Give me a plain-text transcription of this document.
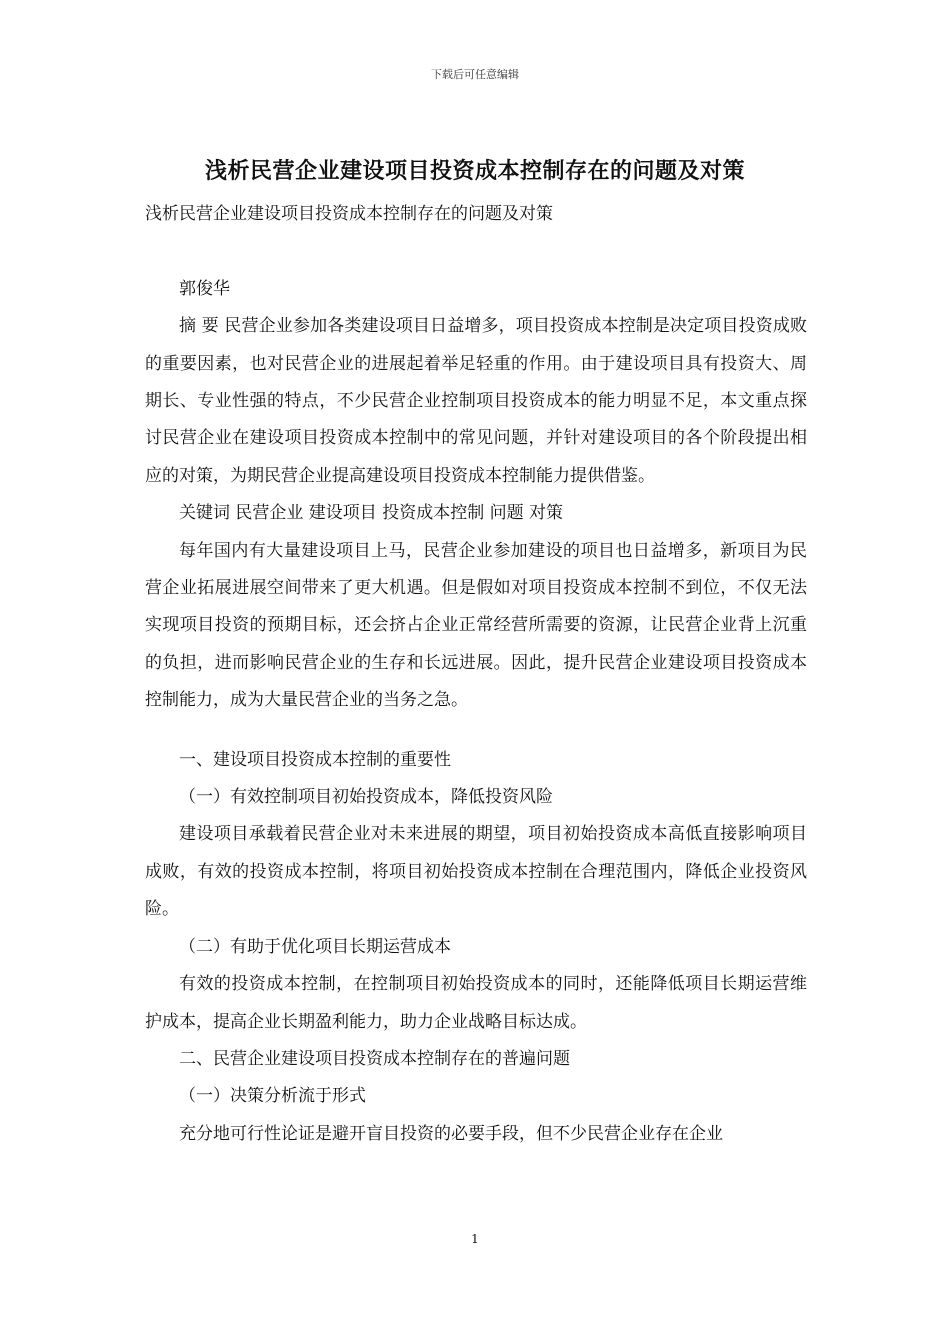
下载后可任意编辑
浅析民营企业建设项目投资成本控制存在的问题及对策

浅析民营企业建设项目投资成本控制存在的问题及对策

郭俊华

摘 要 民营企业参加各类建设项目日益增多，项目投资成本控制是决定项目投资成败的重要因素，也对民营企业的进展起着举足轻重的作用。由于建设项目具有投资大、周期长、专业性强的特点，不少民营企业控制项目投资成本的能力明显不足，本文重点探讨民营企业在建设项目投资成本控制中的常见问题，并针对建设项目的各个阶段提出相应的对策，为期民营企业提高建设项目投资成本控制能力提供借鉴。

关键词 民营企业 建设项目 投资成本控制 问题 对策

每年国内有大量建设项目上马，民营企业参加建设的项目也日益增多，新项目为民营企业拓展进展空间带来了更大机遇。但是假如对项目投资成本控制不到位，不仅无法实现项目投资的预期目标，还会挤占企业正常经营所需要的资源，让民营企业背上沉重的负担，进而影响民营企业的生存和长远进展。因此，提升民营企业建设项目投资成本控制能力，成为大量民营企业的当务之急。

一、建设项目投资成本控制的重要性

（一）有效控制项目初始投资成本，降低投资风险

建设项目承载着民营企业对未来进展的期望，项目初始投资成本高低直接影响项目成败，有效的投资成本控制，将项目初始投资成本控制在合理范围内，降低企业投资风险。

（二）有助于优化项目长期运营成本

有效的投资成本控制，在控制项目初始投资成本的同时，还能降低项目长期运营维护成本，提高企业长期盈利能力，助力企业战略目标达成。

二、民营企业建设项目投资成本控制存在的普遍问题

（一）决策分析流于形式

充分地可行性论证是避开盲目投资的必要手段，但不少民营企业存在企业

1
